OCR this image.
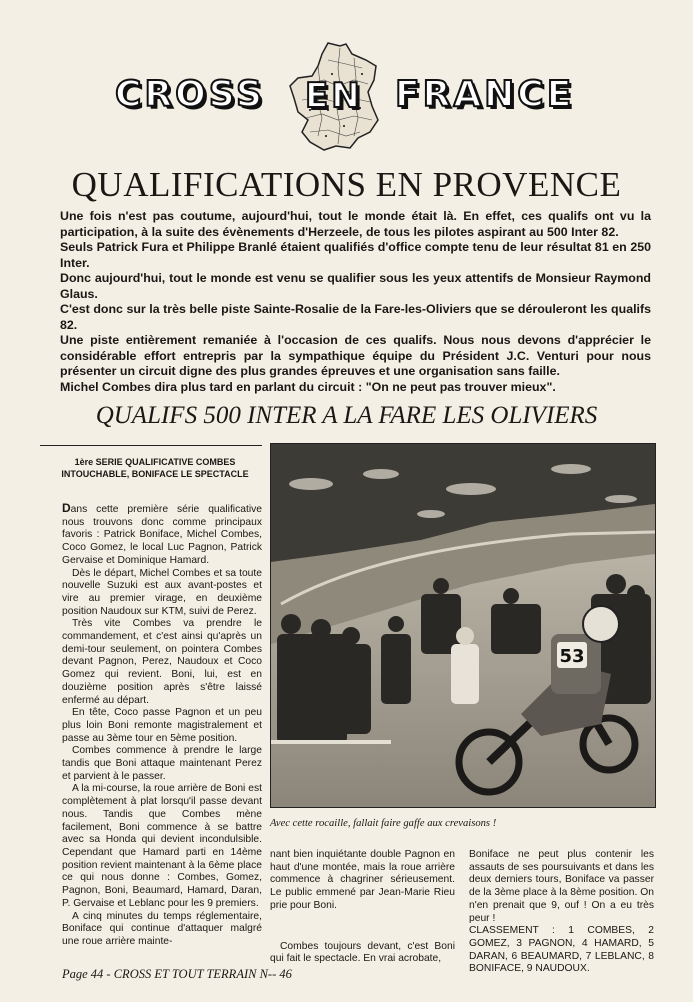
CROSS EN FRANCE
QUALIFICATIONS EN PROVENCE

Une fois n'est pas coutume, aujourd'hui, tout le monde était là. En effet, ces qualifs ont vu la participation, à la suite des évènements d'Herzeele, de tous les pilotes aspirant au 500 Inter 82.

Seuls Patrick Fura et Philippe Branlé étaient qualifiés d'office compte tenu de leur résultat 81 en 250 Inter.

Donc aujourd'hui, tout le monde est venu se qualifier sous les yeux attentifs de Monsieur Raymond Glaus.

C'est donc sur la très belle piste Sainte-Rosalie de la Fare-les-Oliviers que se dérouleront les qualifs 82.

Une piste entièrement remaniée à l'occasion de ces qualifs. Nous nous devons d'apprécier le considérable effort entrepris par la sympathique équipe du Président J.C. Venturi pour nous présenter un circuit digne des plus grandes épreuves et une organisation sans faille.

Michel Combes dira plus tard en parlant du circuit : "On ne peut pas trouver mieux".

QUALIFS 500 INTER A LA FARE LES OLIVIERS
1ère SERIE QUALIFICATIVE COMBES INTOUCHABLE, BONIFACE LE SPECTACLE

Dans cette première série qualificative nous trouvons donc comme principaux favoris : Patrick Boniface, Michel Combes, Coco Gomez, le local Luc Pagnon, Patrick Gervaise et Dominique Hamard.

Dès le départ, Michel Combes et sa toute nouvelle Suzuki est aux avant-postes et vire au premier virage, en deuxième position Naudoux sur KTM, suivi de Perez.

Très vite Combes va prendre le commandement, et c'est ainsi qu'après un demi-tour seulement, on pointera Combes devant Pagnon, Perez, Naudoux et Coco Gomez qui revient. Boni, lui, est en douzième position après s'être laissé enfermé au départ.

En tête, Coco passe Pagnon et un peu plus loin Boni remonte magistralement et passe au 3ème tour en 5ème position.

Combes commence à prendre le large tandis que Boni attaque maintenant Perez et parvient à le passer.

A la mi-course, la roue arrière de Boni est complètement à plat lorsqu'il passe devant nous. Tandis que Combes mène facilement, Boni commence à se battre avec sa Honda qui devient incondulsible. Cependant que Hamard parti en 14ème position revient maintenant à la 6ème place ce qui nous donne : Combes, Gomez, Pagnon, Boni, Beaumard, Hamard, Daran, P. Gervaise et Leblanc pour les 9 premiers.

A cinq minutes du temps réglementaire, Boniface qui continue d'attaquer malgré une roue arrière mainte-

53
Avec cette rocaille, fallait faire gaffe aux crevaisons !

nant bien inquiétante double Pagnon en haut d'une montée, mais la roue arrière commence à chagriner sérieusement. Le public emmené par Jean-Marie Rieu prie pour Boni.

Combes toujours devant, c'est Boni qui fait le spectacle. En vrai acrobate,

Boniface ne peut plus contenir les assauts de ses poursuivants et dans les deux derniers tours, Boniface va passer de la 3ème place à la 8ème position. On n'en prenait que 9, ouf ! On a eu très peur !

CLASSEMENT : 1 COMBES, 2 GOMEZ, 3 PAGNON, 4 HAMARD, 5 DARAN, 6 BEAUMARD, 7 LEBLANC, 8 BONIFACE, 9 NAUDOUX.

Page 44 - CROSS ET TOUT TERRAIN N-- 46
